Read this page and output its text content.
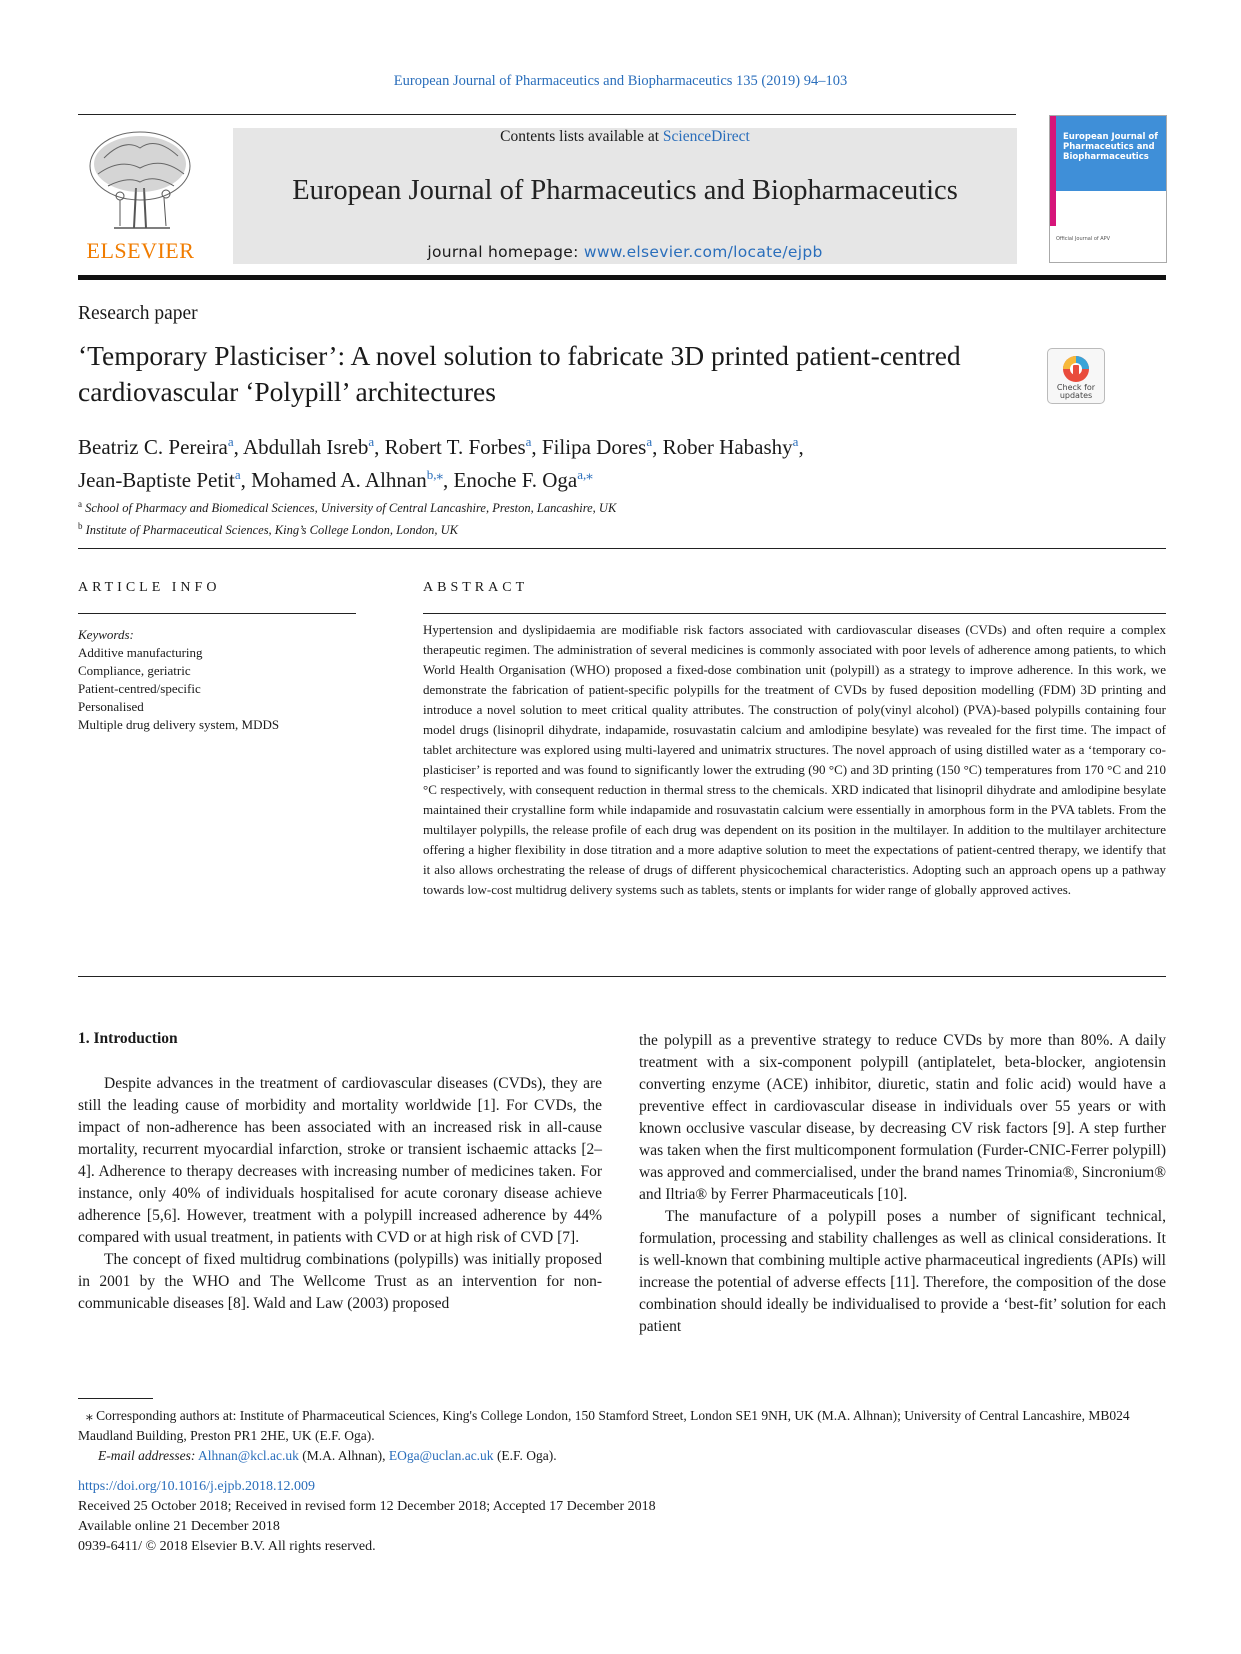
European Journal of Pharmaceutics and Biopharmaceutics 135 (2019) 94–103
ELSEVIER
Contents lists available at ScienceDirect
European Journal of Pharmaceutics and Biopharmaceutics
journal homepage: www.elsevier.com/locate/ejpb
European Journal of Pharmaceutics and Biopharmaceutics
Official Journal of APV
Research paper
‘Temporary Plasticiser’: A novel solution to fabricate 3D printed patient-centred cardiovascular ‘Polypill’ architectures	Check for updates
Beatriz C. Pereira$^a$, Abdullah Isreb$^a$, Robert T. Forbes$^a$, Filipa Dores$^a$, Rober Habashy$^a$,
Jean-Baptiste Petit$^a$, Mohamed A. Alhnan$^{b,⁎}$, Enoche F. Oga$^{a,⁎}$
$^a$ School of Pharmacy and Biomedical Sciences, University of Central Lancashire, Preston, Lancashire, UK
$^b$ Institute of Pharmaceutical Sciences, King’s College London, London, UK
ARTICLE INFO
Keywords:
Additive manufacturing
Compliance, geriatric
Patient-centred/specific
Personalised
Multiple drug delivery system, MDDS
ABSTRACT
Hypertension and dyslipidaemia are modifiable risk factors associated with cardiovascular diseases (CVDs) and often require a complex therapeutic regimen. The administration of several medicines is commonly associated with poor levels of adherence among patients, to which World Health Organisation (WHO) proposed a fixed-dose combination unit (polypill) as a strategy to improve adherence. In this work, we demonstrate the fabrication of patient-specific polypills for the treatment of CVDs by fused deposition modelling (FDM) 3D printing and introduce a novel solution to meet critical quality attributes. The construction of poly(vinyl alcohol) (PVA)-based polypills containing four model drugs (lisinopril dihydrate, indapamide, rosuvastatin calcium and amlodipine besylate) was revealed for the first time. The impact of tablet architecture was explored using multi-layered and unimatrix structures. The novel approach of using distilled water as a ‘temporary co-plasticiser’ is reported and was found to significantly lower the extruding (90 °C) and 3D printing (150 °C) temperatures from 170 °C and 210 °C respectively, with consequent reduction in thermal stress to the chemicals. XRD indicated that lisinopril dihydrate and amlodipine besylate maintained their crystalline form while indapamide and rosuvastatin calcium were essentially in amorphous form in the PVA tablets. From the multilayer polypills, the release profile of each drug was dependent on its position in the multilayer. In addition to the multilayer architecture offering a higher flexibility in dose titration and a more adaptive solution to meet the expectations of patient-centred therapy, we identify that it also allows orchestrating the release of drugs of different physicochemical characteristics. Adopting such an approach opens up a pathway towards low-cost multidrug delivery systems such as tablets, stents or implants for wider range of globally approved actives.
1. Introduction

Despite advances in the treatment of cardiovascular diseases (CVDs), they are still the leading cause of morbidity and mortality worldwide [1]. For CVDs, the impact of non-adherence has been associated with an increased risk in all-cause mortality, recurrent myocardial infarction, stroke or transient ischaemic attacks [2–4]. Adherence to therapy decreases with increasing number of medicines taken. For instance, only 40% of individuals hospitalised for acute coronary disease achieve adherence [5,6]. However, treatment with a polypill increased adherence by 44% compared with usual treatment, in patients with CVD or at high risk of CVD [7].

The concept of fixed multidrug combinations (polypills) was initially proposed in 2001 by the WHO and The Wellcome Trust as an intervention for non-communicable diseases [8]. Wald and Law (2003) proposed

the polypill as a preventive strategy to reduce CVDs by more than 80%. A daily treatment with a six-component polypill (antiplatelet, beta-blocker, angiotensin converting enzyme (ACE) inhibitor, diuretic, statin and folic acid) would have a preventive effect in cardiovascular disease in individuals over 55 years or with known occlusive vascular disease, by decreasing CV risk factors [9]. A step further was taken when the first multicomponent formulation (Furder-CNIC-Ferrer polypill) was approved and commercialised, under the brand names Trinomia®, Sincronium® and Iltria® by Ferrer Pharmaceuticals [10].

The manufacture of a polypill poses a number of significant technical, formulation, processing and stability challenges as well as clinical considerations. It is well-known that combining multiple active pharmaceutical ingredients (APIs) will increase the potential of adverse effects [11]. Therefore, the composition of the dose combination should ideally be individualised to provide a ‘best-fit’ solution for each patient

⁎ Corresponding authors at: Institute of Pharmaceutical Sciences, King's College London, 150 Stamford Street, London SE1 9NH, UK (M.A. Alhnan); University of Central Lancashire, MB024 Maudland Building, Preston PR1 2HE, UK (E.F. Oga).
E-mail addresses: Alhnan@kcl.ac.uk (M.A. Alhnan), EOga@uclan.ac.uk (E.F. Oga).
https://doi.org/10.1016/j.ejpb.2018.12.009
Received 25 October 2018; Received in revised form 12 December 2018; Accepted 17 December 2018
Available online 21 December 2018
0939-6411/ © 2018 Elsevier B.V. All rights reserved.
